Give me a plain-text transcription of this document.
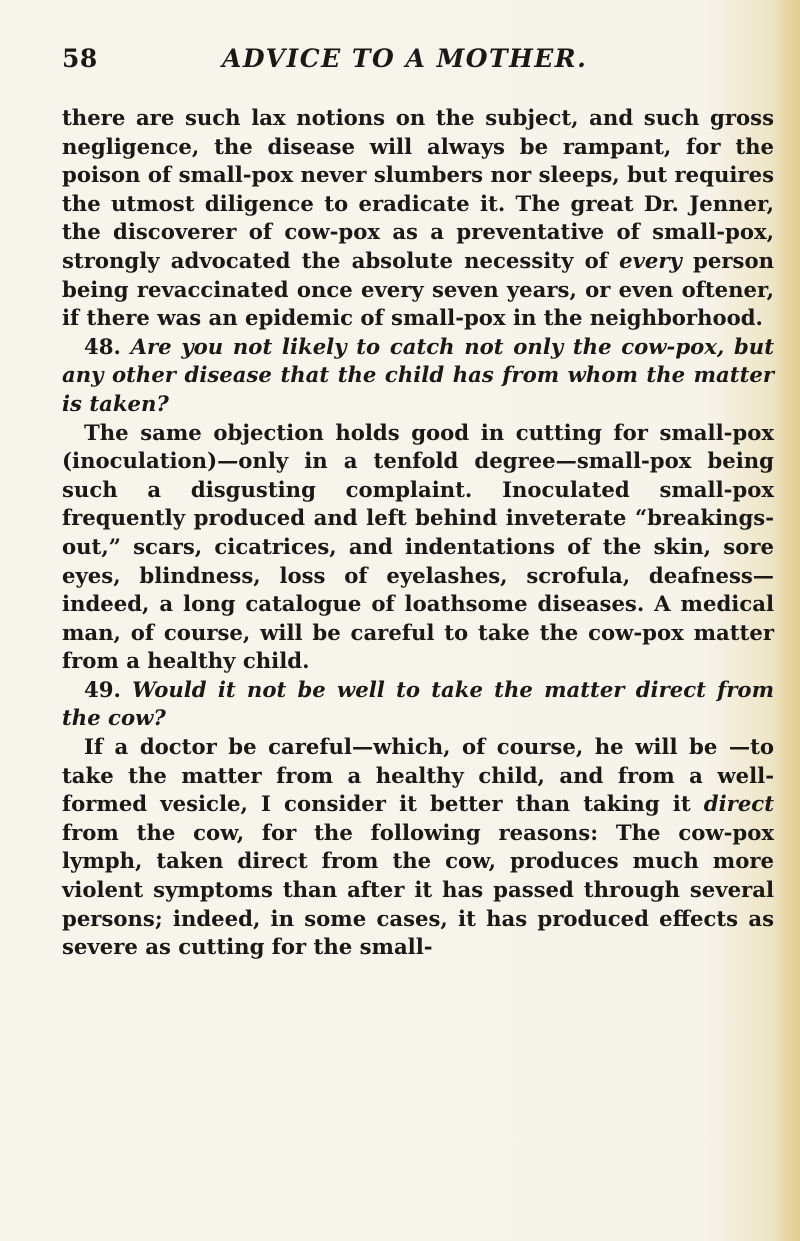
58	ADVICE TO A MOTHER.

there are such lax notions on the subject, and such gross negligence, the disease will always be rampant, for the poison of small-pox never slumbers nor sleeps, but requires the utmost diligence to eradicate it. The great Dr. Jenner, the discoverer of cow-pox as a preventative of small-pox, strongly advocated the absolute necessity of every person being revaccinated once every seven years, or even oftener, if there was an epidemic of small-pox in the neighborhood.

48. Are you not likely to catch not only the cow-pox, but any other disease that the child has from whom the matter is taken?

The same objection holds good in cutting for small-pox (inoculation)—only in a tenfold degree—small-pox being such a disgusting complaint. Inoculated small-pox frequently produced and left behind inveterate “breakings-out,” scars, cicatrices, and indentations of the skin, sore eyes, blindness, loss of eyelashes, scrofula, deafness—indeed, a long catalogue of loathsome diseases. A medical man, of course, will be careful to take the cow-pox matter from a healthy child.

49. Would it not be well to take the matter direct from the cow?

If a doctor be careful—which, of course, he will be —to take the matter from a healthy child, and from a well-formed vesicle, I consider it better than taking it direct from the cow, for the following reasons: The cow-pox lymph, taken direct from the cow, produces much more violent symptoms than after it has passed through several persons; indeed, in some cases, it has produced effects as severe as cutting for the small-
